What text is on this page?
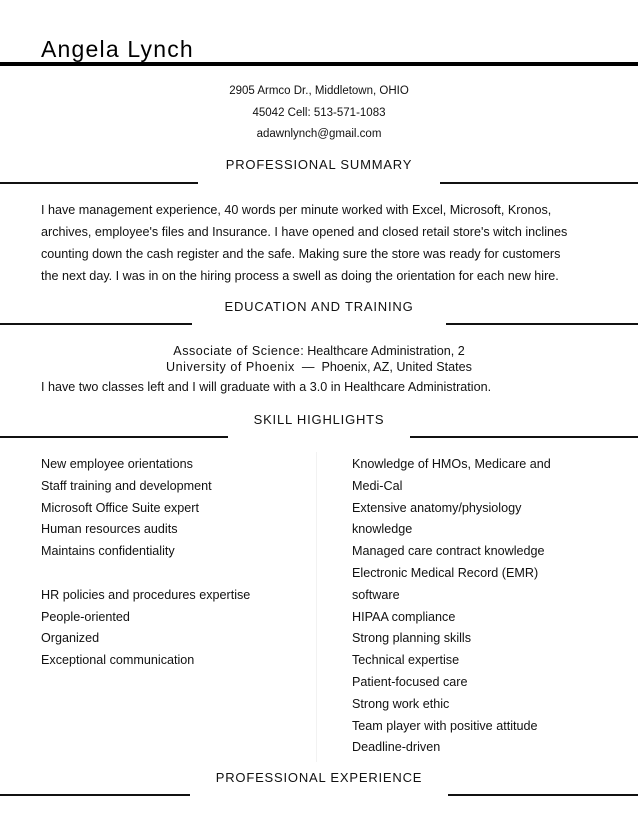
Angela Lynch
2905 Armco Dr., Middletown, OHIO
45042 Cell: 513-571-1083
adawnlynch@gmail.com
PROFESSIONAL SUMMARY
I have management experience, 40 words per minute worked with Excel, Microsoft, Kronos,
archives, employee's files and Insurance. I have opened and closed retail store's witch inclines
counting down the cash register and the safe. Making sure the store was ready for customers
the next day. I was in on the hiring process a swell as doing the orientation for each new hire.
EDUCATION AND TRAINING
Associate of Science: Healthcare Administration, 2
University of Phoenix — Phoenix, AZ, United States
I have two classes left and I will graduate with a 3.0 in Healthcare Administration.
SKILL HIGHLIGHTS
New employee orientations
Staff training and development
Microsoft Office Suite expert
Human resources audits
Maintains confidentiality
HR policies and procedures expertise
People-oriented
Organized
Exceptional communication
Knowledge of HMOs, Medicare and
Medi-Cal
Extensive anatomy/physiology
knowledge
Managed care contract knowledge
Electronic Medical Record (EMR)
software
HIPAA compliance
Strong planning skills
Technical expertise
Patient-focused care
Strong work ethic
Team player with positive attitude
Deadline-driven
PROFESSIONAL EXPERIENCE
